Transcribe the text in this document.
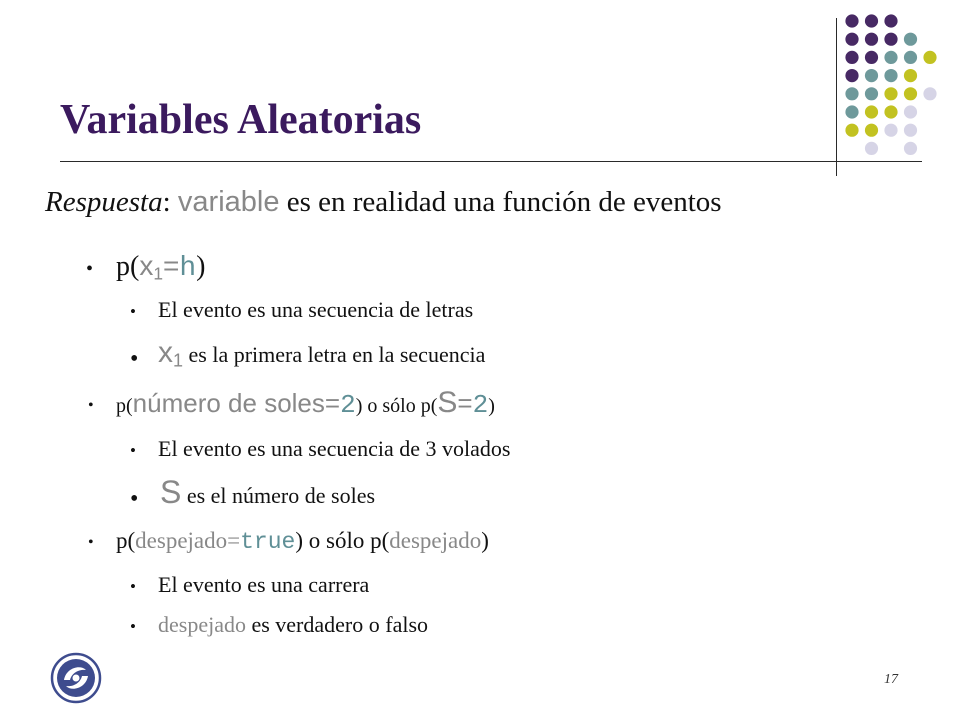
Variables Aleatorias
Respuesta: variable es en realidad una función de eventos
• $p(x_1=h)$
• El evento es una secuencia de letras
• $x_1$ es la primera letra en la secuencia
• p(número de soles=2) o sólo p(S=2)
• El evento es una secuencia de 3 volados
• S es el número de soles
• p(despejado=true) o sólo p(despejado)
• El evento es una carrera
• despejado es verdadero o falso
17
